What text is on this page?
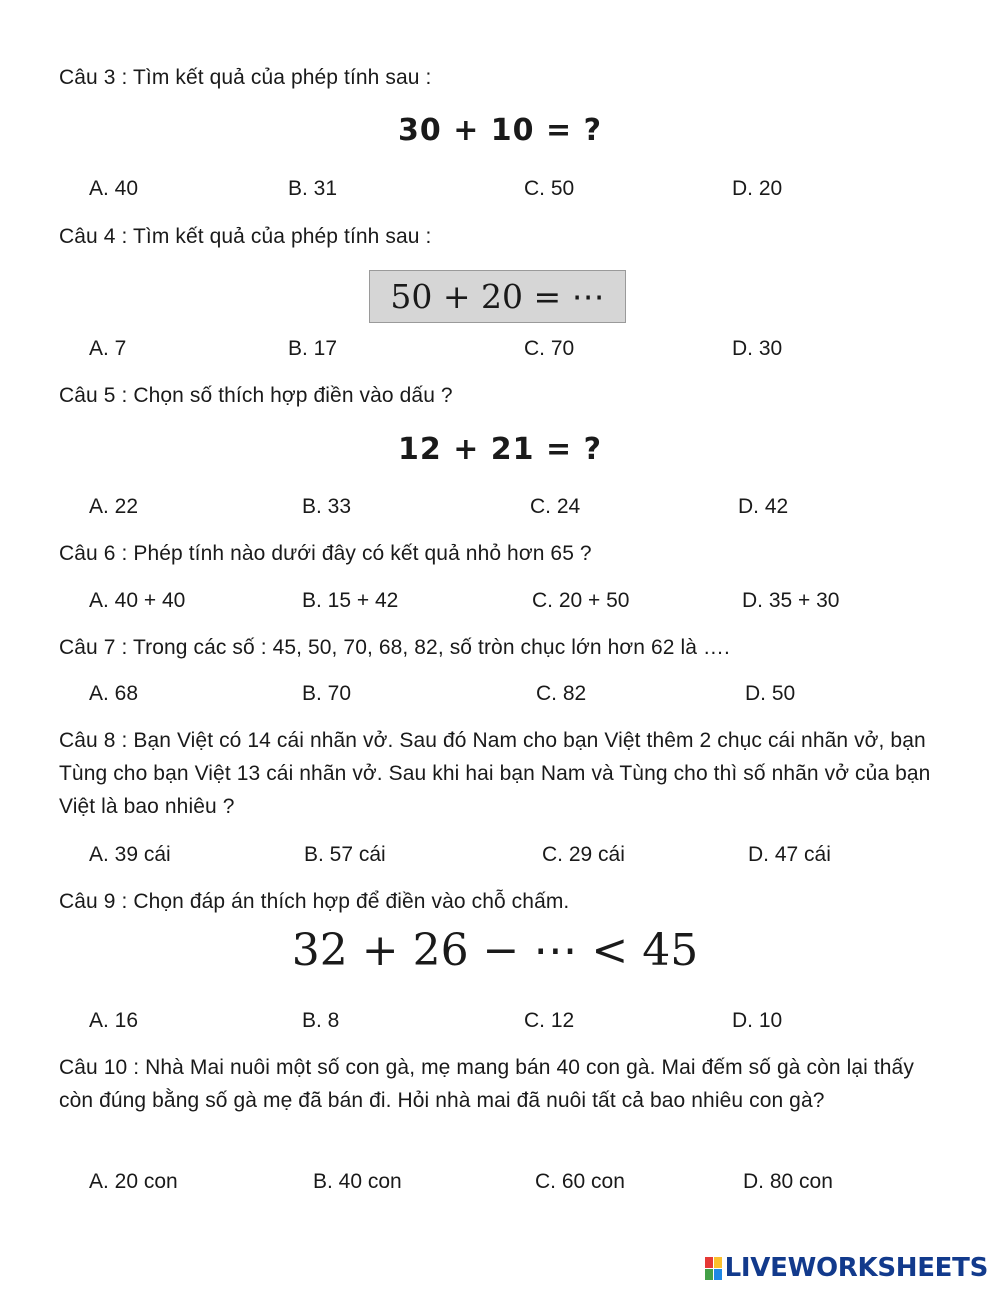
Câu 3 : Tìm kết quả của phép tính sau :
30 + 10 = ?
A. 40	B. 31	C. 50	D. 20
Câu 4 : Tìm kết quả của phép tính sau :
50 + 20 = ⋯
A. 7	B. 17	C. 70	D. 30
Câu 5 : Chọn số thích hợp điền vào dấu ?
12 + 21 = ?
A. 22	B. 33	C. 24	D. 42
Câu 6 : Phép tính nào dưới đây có kết quả nhỏ hơn 65 ?
A. 40 + 40	B. 15 + 42	C. 20 + 50	D. 35 + 30
Câu 7 : Trong các số : 45, 50, 70, 68, 82, số tròn chục lớn hơn 62 là ….
A. 68	B. 70	C. 82	D. 50
Câu 8 : Bạn Việt có 14 cái nhãn vở. Sau đó Nam cho bạn Việt thêm 2 chục cái nhãn vở, bạn Tùng cho bạn Việt 13 cái nhãn vở. Sau khi hai bạn Nam và Tùng cho thì số nhãn vở của bạn Việt là bao nhiêu ?
A. 39 cái	B. 57 cái	C. 29 cái	D. 47 cái
Câu 9 : Chọn đáp án thích hợp để điền vào chỗ chấm.
32 + 26 − ⋯ < 45
A. 16	B. 8	C. 12	D. 10
Câu 10 : Nhà Mai nuôi một số con gà, mẹ mang bán 40 con gà. Mai đếm số gà còn lại thấy còn đúng bằng số gà mẹ đã bán đi. Hỏi nhà mai đã nuôi tất cả bao nhiêu con gà?
A. 20 con	B. 40 con	C. 60 con	D. 80 con
LIVEWORKSHEETS
